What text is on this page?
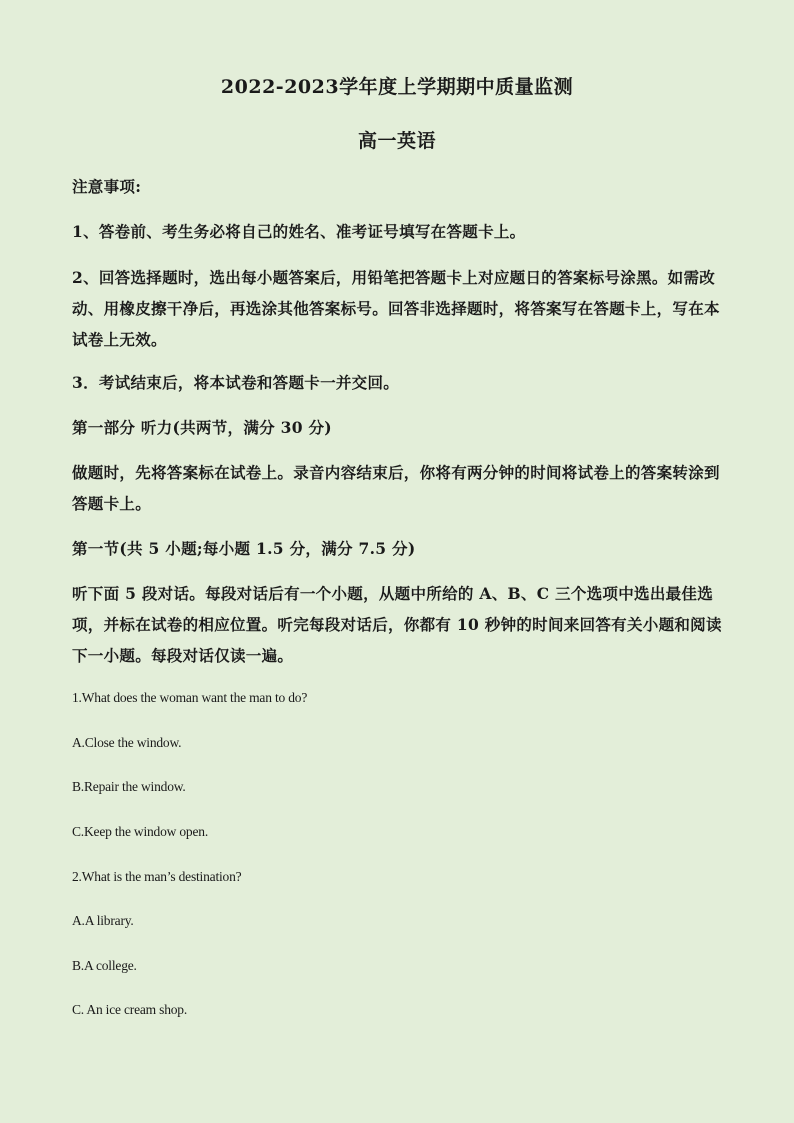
2022-2023学年度上学期期中质量监测
高一英语
注意事项:
1、答卷前、考生务必将自己的姓名、准考证号填写在答题卡上。
2、回答选择题时，选出每小题答案后，用铅笔把答题卡上对应题日的答案标号涂黑。如需改动、用橡皮擦干净后，再选涂其他答案标号。回答非选择题时，将答案写在答题卡上，写在本试卷上无效。
3．考试结束后，将本试卷和答题卡一并交回。
第一部分 听力(共两节，满分 30 分)
做题时，先将答案标在试卷上。录音内容结束后，你将有两分钟的时间将试卷上的答案转涂到答题卡上。
第一节(共 5 小题;每小题 1.5 分，满分 7.5 分)
听下面 5 段对话。每段对话后有一个小题，从题中所给的 A、B、C 三个选项中选出最佳选项，并标在试卷的相应位置。听完每段对话后，你都有 10 秒钟的时间来回答有关小题和阅读下一小题。每段对话仅读一遍。
1.What does the woman want the man to do?
A.Close the window.
B.Repair the window.
C.Keep the window open.
2.What is the man’s destination?
A.A library.
B.A college.
C. An ice cream shop.
